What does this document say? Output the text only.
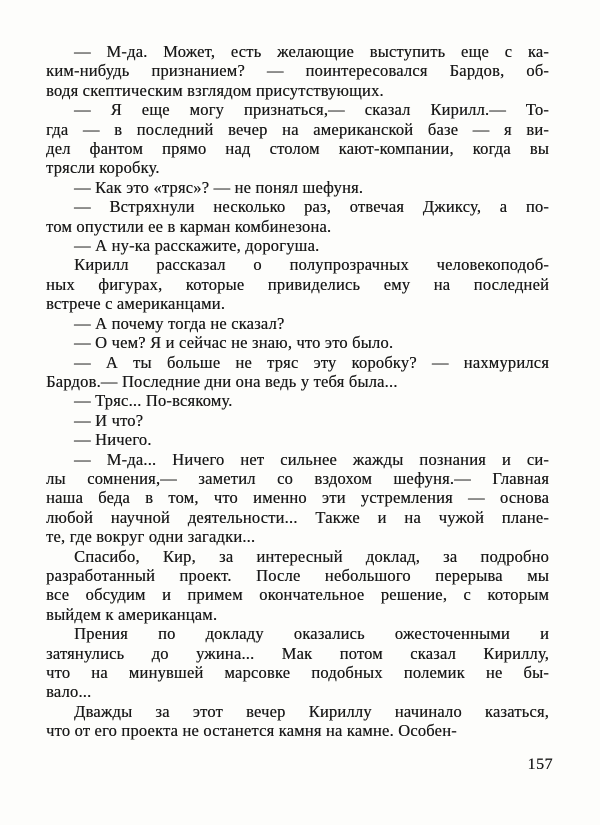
— М-да. Может, есть желающие выступить еще с ка-
ким-нибудь признанием? — поинтересовался Бардов, об-
водя скептическим взглядом присутствующих.
— Я еще могу признаться,— сказал Кирилл.— То-
гда — в последний вечер на американской базе — я ви-
дел фантом прямо над столом кают-компании, когда вы
трясли коробку.
— Как это «тряс»? — не понял шефуня.
— Встряхнули несколько раз, отвечая Джиксу, а по-
том опустили ее в карман комбинезона.
— А ну-ка расскажите, дорогуша.
Кирилл рассказал о полупрозрачных человекоподоб-
ных фигурах, которые привиделись ему на последней
встрече с американцами.
— А почему тогда не сказал?
— О чем? Я и сейчас не знаю, что это было.
— А ты больше не тряс эту коробку? — нахмурился
Бардов.— Последние дни она ведь у тебя была...
— Тряс... По-всякому.
— И что?
— Ничего.
— М-да... Ничего нет сильнее жажды познания и си-
лы сомнения,— заметил со вздохом шефуня.— Главная
наша беда в том, что именно эти устремления — основа
любой научной деятельности... Также и на чужой плане-
те, где вокруг одни загадки...
Спасибо, Кир, за интересный доклад, за подробно
разработанный проект. После небольшого перерыва мы
все обсудим и примем окончательное решение, с которым
выйдем к американцам.
Прения по докладу оказались ожесточенными и
затянулись до ужина... Мак потом сказал Кириллу,
что на минувшей марсовке подобных полемик не бы-
вало...
Дважды за этот вечер Кириллу начинало казаться,
что от его проекта не останется камня на камне. Особен-
157
